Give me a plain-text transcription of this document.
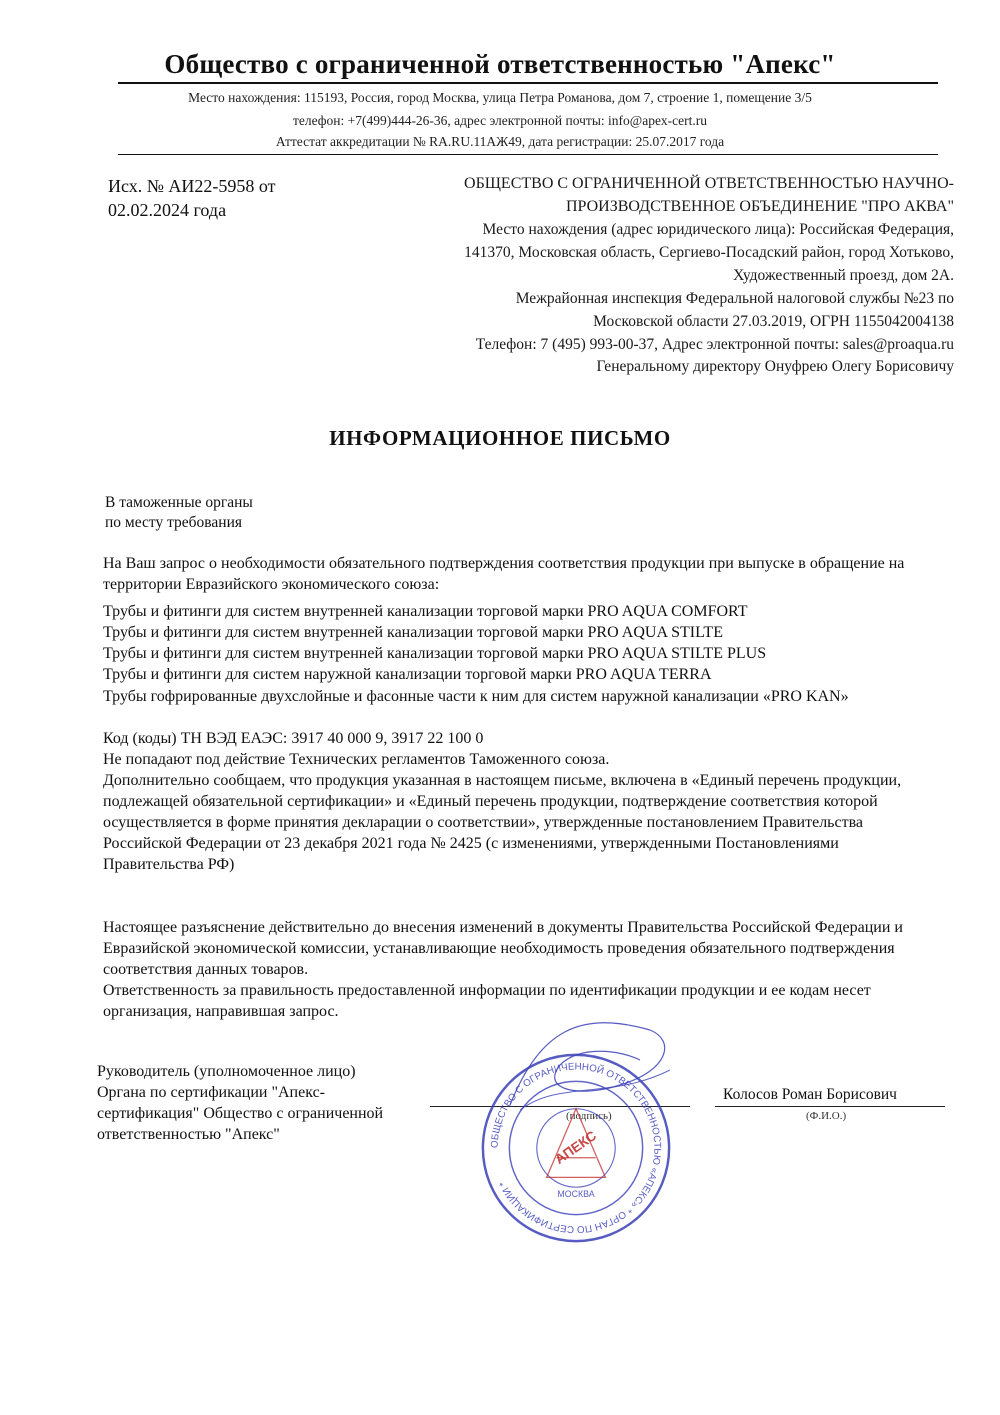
Общество с ограниченной ответственностью "Апекс"
Место нахождения: 115193, Россия, город Москва, улица Петра Романова, дом 7, строение 1, помещение 3/5
телефон: +7(499)444-26-36, адрес электронной почты: info@apex-cert.ru
Аттестат аккредитации № RA.RU.11АЖ49, дата регистрации: 25.07.2017 года
Исх. № АИ22-5958 от
02.02.2024 года
ОБЩЕСТВО С ОГРАНИЧЕННОЙ ОТВЕТСТВЕННОСТЬЮ НАУЧНО-
ПРОИЗВОДСТВЕННОЕ ОБЪЕДИНЕНИЕ "ПРО АКВА"
Место нахождения (адрес юридического лица): Российская Федерация,
141370, Московская область, Сергиево-Посадский район, город Хотьково,
Художественный проезд, дом 2А.
Межрайонная инспекция Федеральной налоговой службы №23 по
Московской области 27.03.2019, ОГРН 1155042004138
Телефон: 7 (495) 993-00-37, Адрес электронной почты: sales@proaqua.ru
Генеральному директору Онуфрею Олегу Борисовичу
ИНФОРМАЦИОННОЕ ПИСЬМО
В таможенные органы
по месту требования
На Ваш запрос о необходимости обязательного подтверждения соответствия продукции при выпуске в обращение на территории Евразийского экономического союза:
Трубы и фитинги для систем внутренней канализации торговой марки PRO AQUA COMFORT
Трубы и фитинги для систем внутренней канализации торговой марки PRO AQUA STILTE
Трубы и фитинги для систем внутренней канализации торговой марки PRO AQUA STILTE PLUS
Трубы и фитинги для систем наружной канализации торговой марки PRO AQUA TERRA
Трубы гофрированные двухслойные и фасонные части к ним для систем наружной канализации «PRO KAN»
Код (коды) ТН ВЭД ЕАЭС: 3917 40 000 9, 3917 22 100 0
Не попадают под действие Технических регламентов Таможенного союза.
Дополнительно сообщаем, что продукция указанная в настоящем письме, включена в «Единый перечень продукции, подлежащей обязательной сертификации» и «Единый перечень продукции, подтверждение соответствия которой осуществляется в форме принятия декларации о соответствии», утвержденные постановлением Правительства Российской Федерации от 23 декабря 2021 года № 2425 (с изменениями, утвержденными Постановлениями Правительства РФ)
Настоящее разъяснение действительно до внесения изменений в документы Правительства Российской Федерации и Евразийской экономической комиссии, устанавливающие необходимость проведения обязательного подтверждения соответствия данных товаров.
Ответственность за правильность предоставленной информации по идентификации продукции и ее кодам несет организация, направившая запрос.
Руководитель (уполномоченное лицо)
Органа по сертификации "Апекс-
сертификация" Общество с ограниченной
ответственностью "Апекс"
Колосов Роман Борисович
(Ф.И.О.)
(подпись)
ОБЩЕСТВО С ОГРАНИЧЕННОЙ ОТВЕТСТВЕННОСТЬЮ «АПЕКС» * ОРГАН ПО СЕРТИФИКАЦИИ *
АПЕКС
МОСКВА
